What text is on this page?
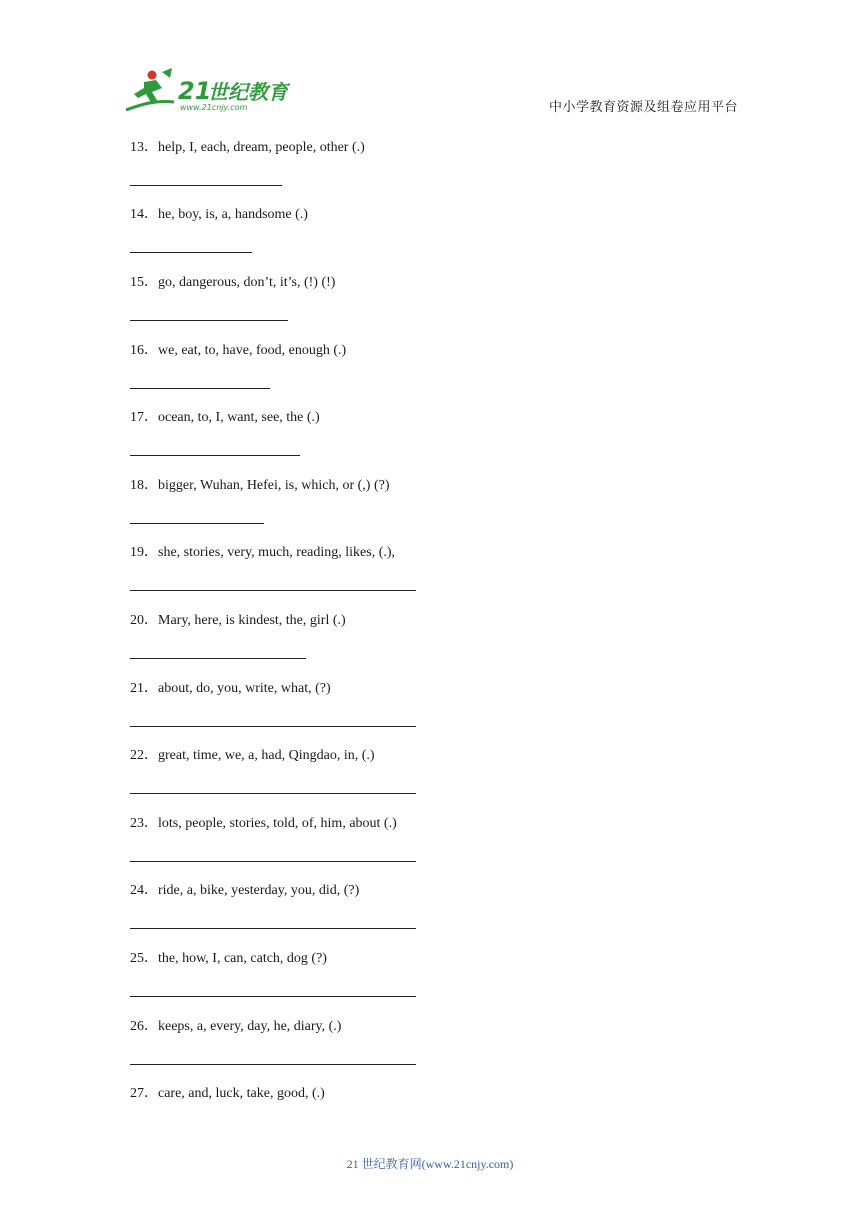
21
世纪教育
www.21cnjy.com	中小学教育资源及组卷应用平台
13．help, I, each, dream, people, other (.)
14．he, boy, is, a, handsome (.)
15．go, dangerous, don’t, it’s, (!) (!)
16．we, eat, to, have, food, enough (.)
17．ocean, to, I, want, see, the (.)
18．bigger, Wuhan, Hefei, is, which, or (,) (?)
19．she, stories, very, much, reading, likes, (.),
20．Mary, here, is kindest, the, girl (.)
21．about, do, you, write, what, (?)
22．great, time, we, a, had, Qingdao, in, (.)
23．lots, people, stories, told, of, him, about (.)
24．ride, a, bike, yesterday, you, did, (?)
25．the, how, I, can, catch, dog (?)
26．keeps, a, every, day, he, diary, (.)
27．care, and, luck, take, good, (.)
21 世纪教育网(www.21cnjy.com)
